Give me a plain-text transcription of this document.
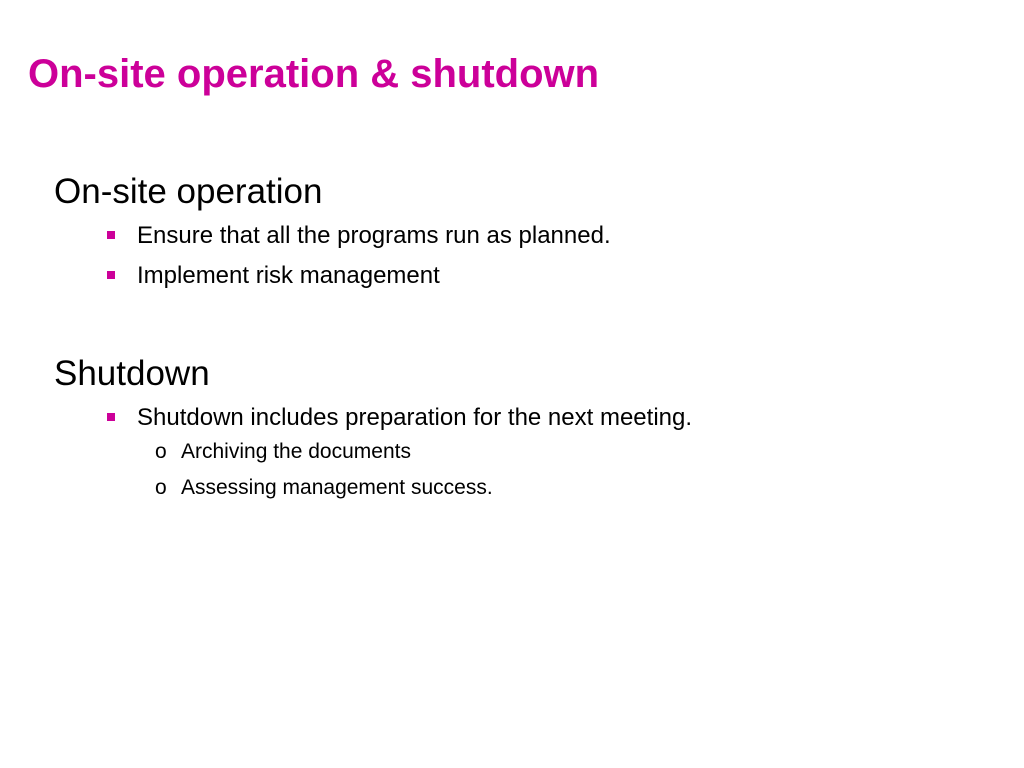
On-site operation & shutdown
On-site operation
Ensure that all the programs run as planned.
Implement risk management
Shutdown
Shutdown includes preparation for the next meeting.
o Archiving the documents
o Assessing management success.
